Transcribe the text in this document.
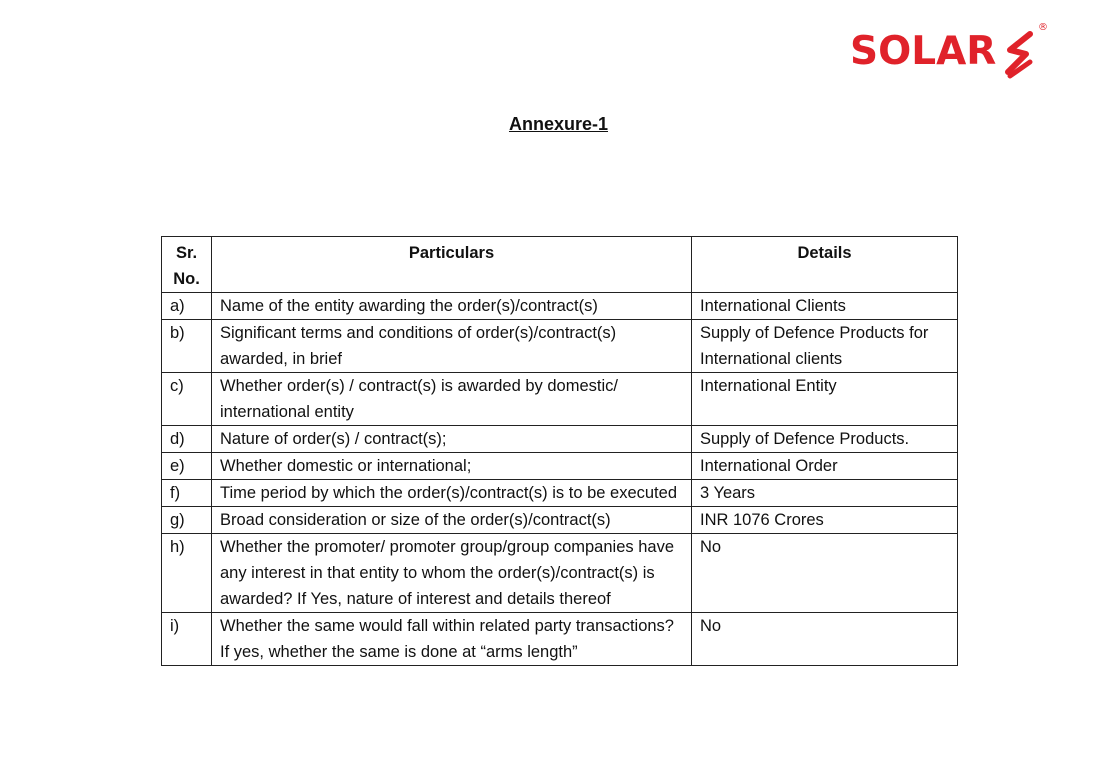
SOLAR
®
Annexure-1
Sr. No.	Particulars	Details
a)	Name of the entity awarding the order(s)/contract(s)	International Clients
b)	Significant terms and conditions of order(s)/contract(s) awarded, in brief	Supply of Defence Products for International clients
c)	Whether order(s) / contract(s) is awarded by domestic/ international entity	International Entity
d)	Nature of order(s) / contract(s);	Supply of Defence Products.
e)	Whether domestic or international;	International Order
f)	Time period by which the order(s)/contract(s) is to be executed	3 Years
g)	Broad consideration or size of the order(s)/contract(s)	INR 1076 Crores
h)	Whether the promoter/ promoter group/group companies have any interest in that entity to whom the order(s)/contract(s) is awarded? If Yes, nature of interest and details thereof	No
i)	Whether the same would fall within related party transactions? If yes, whether the same is done at “arms length”	No
